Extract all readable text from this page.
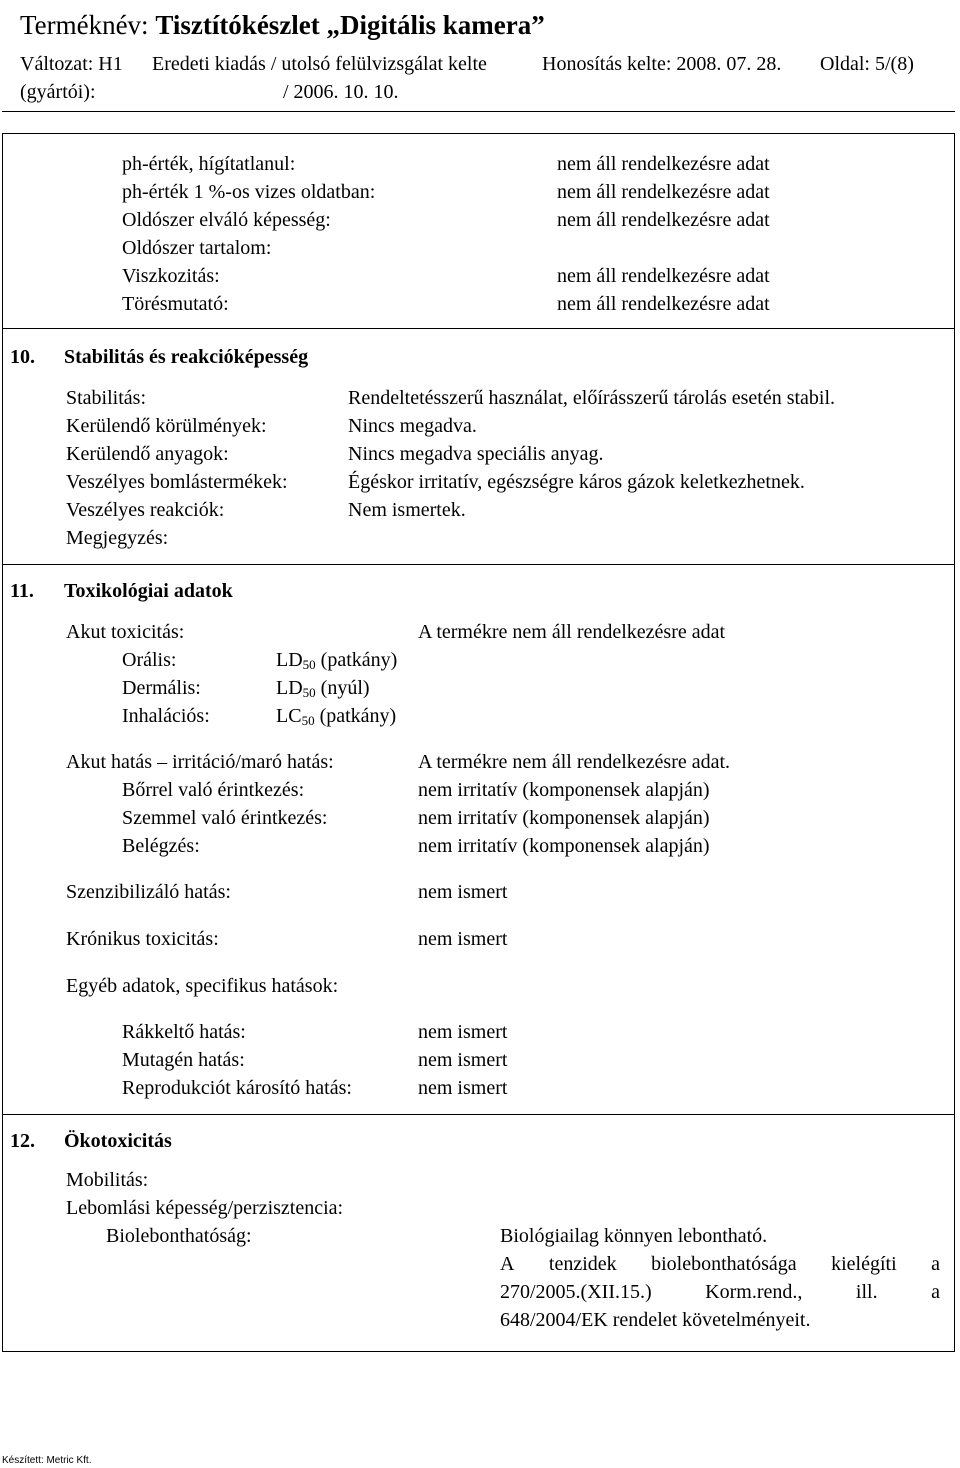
Terméknév: Tisztítókészlet „Digitális kamera”
Változat: H1 Eredeti kiadás / utolsó felülvizsgálat kelte	Honosítás kelte: 2008. 07. 28. Oldal: 5/(8)
(gyártói):	/ 2006. 10. 10.
ph-érték, hígítatlanul:	nem áll rendelkezésre adat
ph-érték 1 %-os vizes oldatban:	nem áll rendelkezésre adat
Oldószer elváló képesség:	nem áll rendelkezésre adat
Oldószer tartalom:
Viszkozitás:	nem áll rendelkezésre adat
Törésmutató:	nem áll rendelkezésre adat
10. Stabilitás és reakcióképesség
Stabilitás:	Rendeltetésszerű használat, előírásszerű tárolás esetén stabil.
Kerülendő körülmények:	Nincs megadva.
Kerülendő anyagok:	Nincs megadva speciális anyag.
Veszélyes bomlástermékek:	Égéskor irritatív, egészségre káros gázok keletkezhetnek.
Veszélyes reakciók:	Nem ismertek.
Megjegyzés:
11. Toxikológiai adatok
Akut toxicitás:	A termékre nem áll rendelkezésre adat
Orális:	$LD_{50}$ (patkány)
Dermális:	$LD_{50}$ (nyúl)
Inhalációs:	$LC_{50}$ (patkány)
Akut hatás – irritáció/maró hatás:	A termékre nem áll rendelkezésre adat.
Bőrrel való érintkezés:	nem irritatív (komponensek alapján)
Szemmel való érintkezés:	nem irritatív (komponensek alapján)
Belégzés:	nem irritatív (komponensek alapján)
Szenzibilizáló hatás:	nem ismert
Krónikus toxicitás:	nem ismert
Egyéb adatok, specifikus hatások:
Rákkeltő hatás:	nem ismert
Mutagén hatás:	nem ismert
Reprodukciót károsító hatás:	nem ismert
12. Ökotoxicitás
Mobilitás:
Lebomlási képesség/perzisztencia:
Biolebonthatóság:	Biológiailag könnyen lebontható.
A tenzidek biolebonthatósága kielégíti a
270/2005.(XII.15.)	Korm.rend.,	ill.	a
648/2004/EK rendelet követelményeit.
Készített: Metric Kft.
